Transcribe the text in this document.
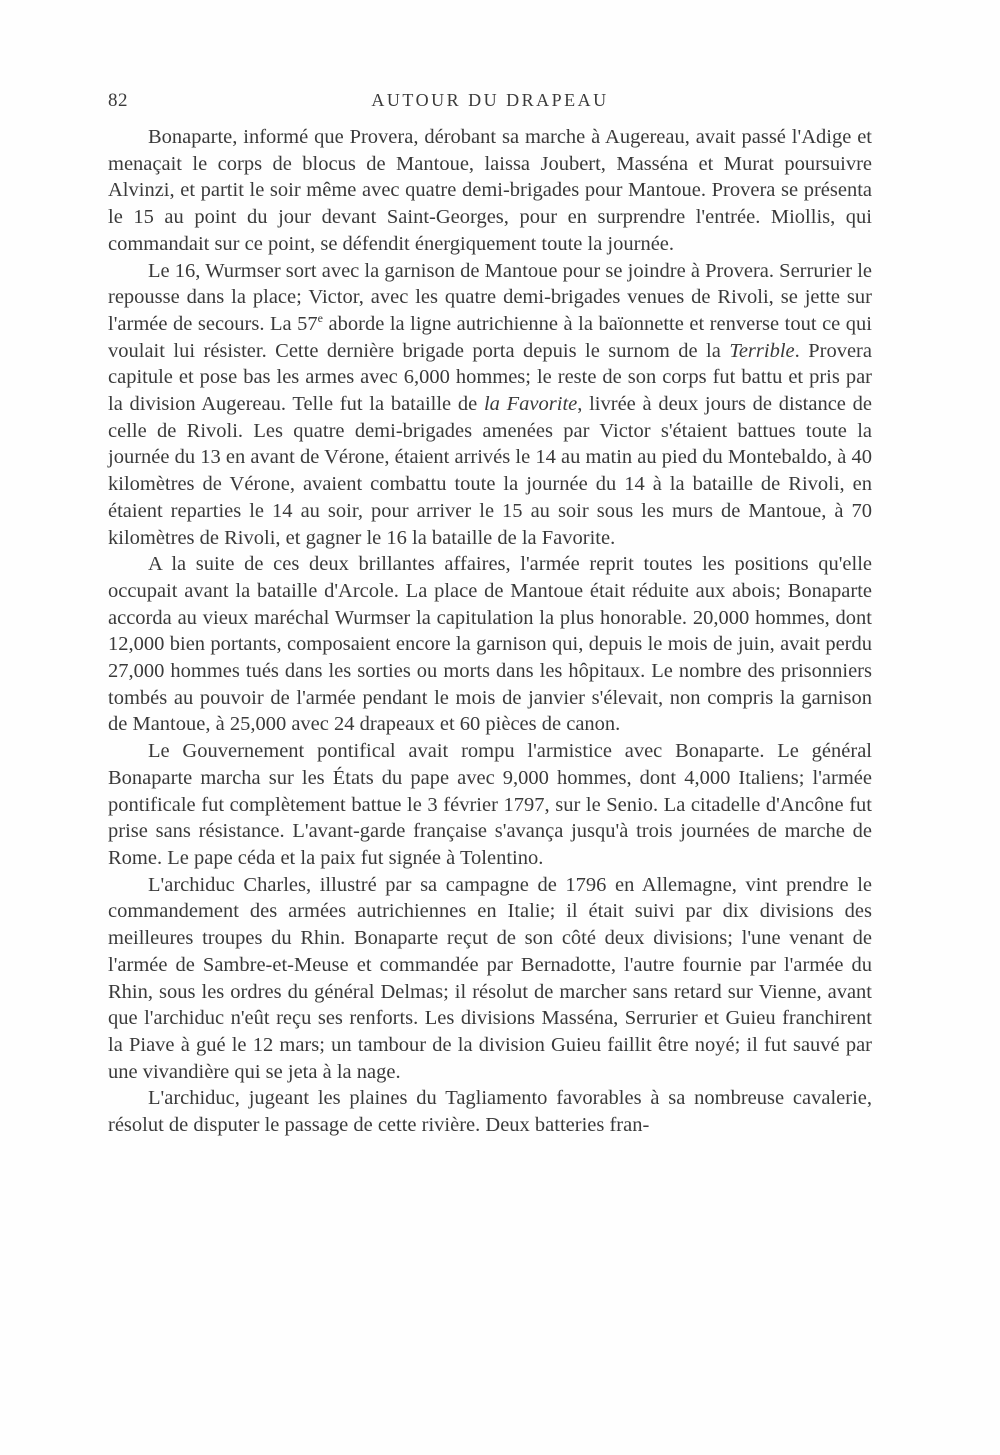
82	AUTOUR DU DRAPEAU

Bonaparte, informé que Provera, dérobant sa marche à Augereau, avait passé l'Adige et menaçait le corps de blocus de Mantoue, laissa Joubert, Masséna et Murat poursuivre Alvinzi, et partit le soir même avec quatre demi-brigades pour Mantoue. Provera se présenta le 15 au point du jour devant Saint-Georges, pour en surprendre l'entrée. Miollis, qui commandait sur ce point, se défendit énergiquement toute la journée.

Le 16, Wurmser sort avec la garnison de Mantoue pour se joindre à Provera. Serrurier le repousse dans la place; Victor, avec les quatre demi-brigades venues de Rivoli, se jette sur l'armée de secours. La 57e aborde la ligne autrichienne à la baïonnette et renverse tout ce qui voulait lui résister. Cette dernière brigade porta depuis le surnom de la Terrible. Provera capitule et pose bas les armes avec 6,000 hommes; le reste de son corps fut battu et pris par la division Augereau. Telle fut la bataille de la Favorite, livrée à deux jours de distance de celle de Rivoli. Les quatre demi-brigades amenées par Victor s'étaient battues toute la journée du 13 en avant de Vérone, étaient arrivés le 14 au matin au pied du Montebaldo, à 40 kilomètres de Vérone, avaient combattu toute la journée du 14 à la bataille de Rivoli, en étaient reparties le 14 au soir, pour arriver le 15 au soir sous les murs de Mantoue, à 70 kilomètres de Rivoli, et gagner le 16 la bataille de la Favorite.

A la suite de ces deux brillantes affaires, l'armée reprit toutes les positions qu'elle occupait avant la bataille d'Arcole. La place de Mantoue était réduite aux abois; Bonaparte accorda au vieux maréchal Wurmser la capitulation la plus honorable. 20,000 hommes, dont 12,000 bien portants, composaient encore la garnison qui, depuis le mois de juin, avait perdu 27,000 hommes tués dans les sorties ou morts dans les hôpitaux. Le nombre des prisonniers tombés au pouvoir de l'armée pendant le mois de janvier s'élevait, non compris la garnison de Mantoue, à 25,000 avec 24 drapeaux et 60 pièces de canon.

Le Gouvernement pontifical avait rompu l'armistice avec Bonaparte. Le général Bonaparte marcha sur les États du pape avec 9,000 hommes, dont 4,000 Italiens; l'armée pontificale fut complètement battue le 3 février 1797, sur le Senio. La citadelle d'Ancône fut prise sans résistance. L'avant-garde française s'avança jusqu'à trois journées de marche de Rome. Le pape céda et la paix fut signée à Tolentino.

L'archiduc Charles, illustré par sa campagne de 1796 en Allemagne, vint prendre le commandement des armées autrichiennes en Italie; il était suivi par dix divisions des meilleures troupes du Rhin. Bonaparte reçut de son côté deux divisions; l'une venant de l'armée de Sambre-et-Meuse et commandée par Bernadotte, l'autre fournie par l'armée du Rhin, sous les ordres du général Delmas; il résolut de marcher sans retard sur Vienne, avant que l'archiduc n'eût reçu ses renforts. Les divisions Masséna, Serrurier et Guieu franchirent la Piave à gué le 12 mars; un tambour de la division Guieu faillit être noyé; il fut sauvé par une vivandière qui se jeta à la nage.

L'archiduc, jugeant les plaines du Tagliamento favorables à sa nombreuse cavalerie, résolut de disputer le passage de cette rivière. Deux batteries fran-
